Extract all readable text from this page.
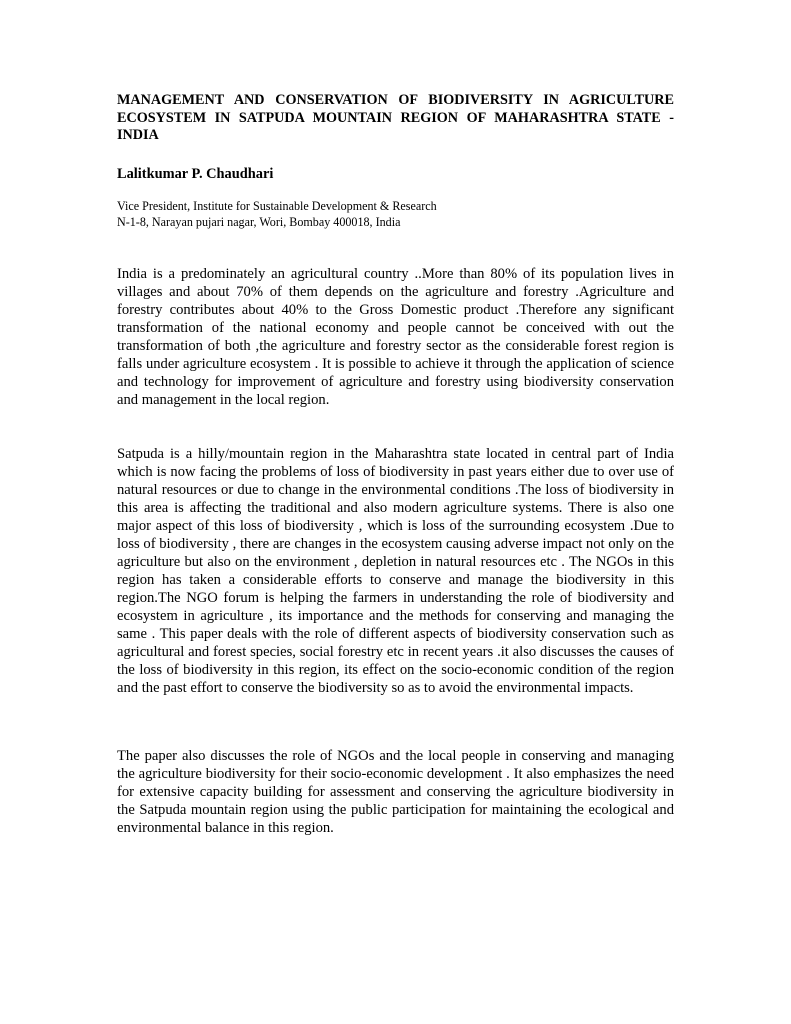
MANAGEMENT AND CONSERVATION OF BIODIVERSITY IN AGRICULTURE ECOSYSTEM IN SATPUDA MOUNTAIN REGION OF MAHARASHTRA STATE - INDIA

Lalitkumar P. Chaudhari

Vice President, Institute for Sustainable Development & Research
N-1-8, Narayan pujari nagar, Wori, Bombay 400018, India

India is a predominately an agricultural country ..More than 80% of its population lives in villages and about 70% of them depends on the agriculture and forestry .Agriculture and forestry contributes about 40% to the Gross Domestic product .Therefore any significant transformation of the national economy and people cannot be conceived with out the transformation of both ,the agriculture and forestry sector as the considerable forest region is falls under agriculture ecosystem . It is possible to achieve it through the application of science and technology for improvement of agriculture and forestry using biodiversity conservation and management in the local region.

Satpuda is a hilly/mountain region in the Maharashtra state located in central part of India which is now facing the problems of loss of biodiversity in past years either due to over use of natural resources or due to change in the environmental conditions .The loss of biodiversity in this area is affecting the traditional and also modern agriculture systems. There is also one major aspect of this loss of biodiversity , which is loss of the surrounding ecosystem .Due to loss of biodiversity , there are changes in the ecosystem causing adverse impact not only on the agriculture but also on the environment , depletion in natural resources etc . The NGOs in this region has taken a considerable efforts to conserve and manage the biodiversity in this region.The NGO forum is helping the farmers in understanding the role of biodiversity and ecosystem in agriculture , its importance and the methods for conserving and managing the same . This paper deals with the role of different aspects of biodiversity conservation such as agricultural and forest species, social forestry etc in recent years .it also discusses the causes of the loss of biodiversity in this region, its effect on the socio-economic condition of the region and the past effort to conserve the biodiversity so as to avoid the environmental impacts.

The paper also discusses the role of NGOs and the local people in conserving and managing the agriculture biodiversity for their socio-economic development . It also emphasizes the need for extensive capacity building for assessment and conserving the agriculture biodiversity in the Satpuda mountain region using the public participation for maintaining the ecological and environmental balance in this region.
